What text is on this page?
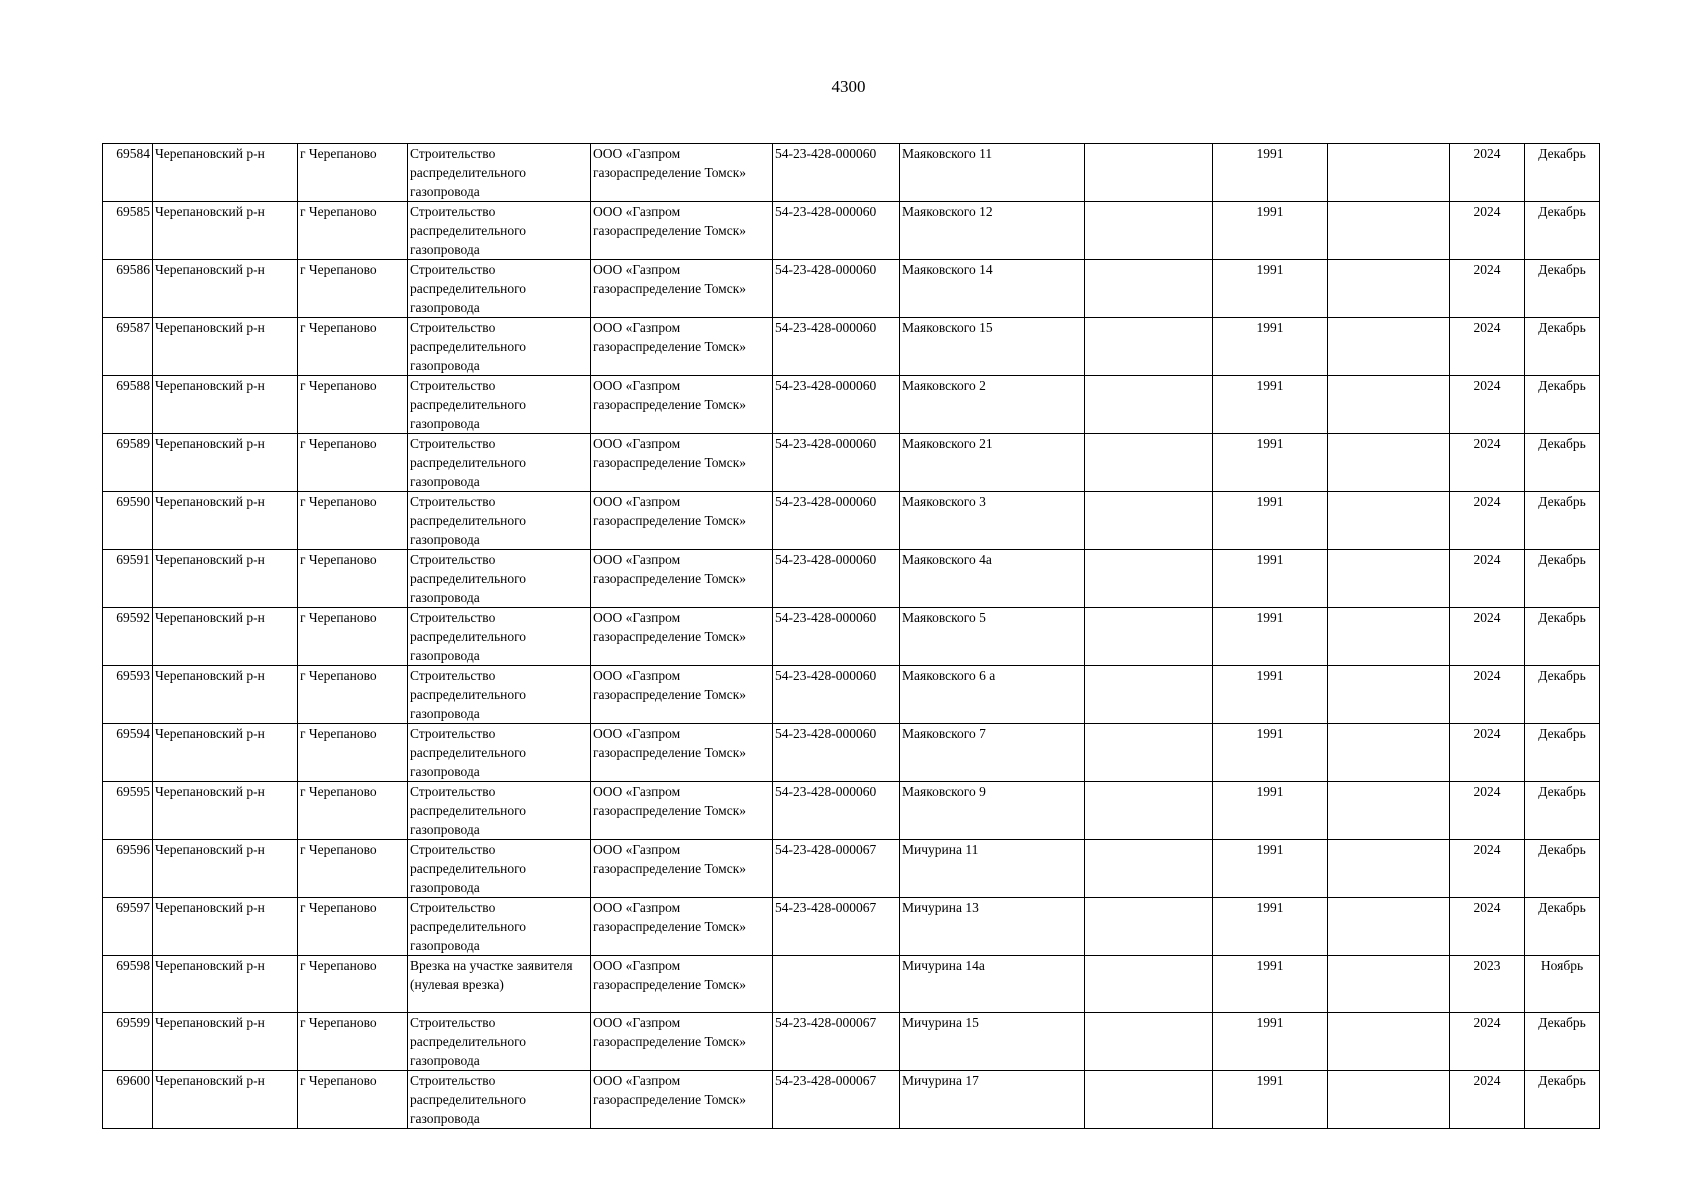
4300
69584	Черепановский р-н	г Черепаново	Строительство распределительного газопровода	ООО «Газпром газораспределение Томск»	54-23-428-000060	Маяковского 11		1991		2024	Декабрь
69585	Черепановский р-н	г Черепаново	Строительство распределительного газопровода	ООО «Газпром газораспределение Томск»	54-23-428-000060	Маяковского 12		1991		2024	Декабрь
69586	Черепановский р-н	г Черепаново	Строительство распределительного газопровода	ООО «Газпром газораспределение Томск»	54-23-428-000060	Маяковского 14		1991		2024	Декабрь
69587	Черепановский р-н	г Черепаново	Строительство распределительного газопровода	ООО «Газпром газораспределение Томск»	54-23-428-000060	Маяковского 15		1991		2024	Декабрь
69588	Черепановский р-н	г Черепаново	Строительство распределительного газопровода	ООО «Газпром газораспределение Томск»	54-23-428-000060	Маяковского 2		1991		2024	Декабрь
69589	Черепановский р-н	г Черепаново	Строительство распределительного газопровода	ООО «Газпром газораспределение Томск»	54-23-428-000060	Маяковского 21		1991		2024	Декабрь
69590	Черепановский р-н	г Черепаново	Строительство распределительного газопровода	ООО «Газпром газораспределение Томск»	54-23-428-000060	Маяковского 3		1991		2024	Декабрь
69591	Черепановский р-н	г Черепаново	Строительство распределительного газопровода	ООО «Газпром газораспределение Томск»	54-23-428-000060	Маяковского 4а		1991		2024	Декабрь
69592	Черепановский р-н	г Черепаново	Строительство распределительного газопровода	ООО «Газпром газораспределение Томск»	54-23-428-000060	Маяковского 5		1991		2024	Декабрь
69593	Черепановский р-н	г Черепаново	Строительство распределительного газопровода	ООО «Газпром газораспределение Томск»	54-23-428-000060	Маяковского 6 а		1991		2024	Декабрь
69594	Черепановский р-н	г Черепаново	Строительство распределительного газопровода	ООО «Газпром газораспределение Томск»	54-23-428-000060	Маяковского 7		1991		2024	Декабрь
69595	Черепановский р-н	г Черепаново	Строительство распределительного газопровода	ООО «Газпром газораспределение Томск»	54-23-428-000060	Маяковского 9		1991		2024	Декабрь
69596	Черепановский р-н	г Черепаново	Строительство распределительного газопровода	ООО «Газпром газораспределение Томск»	54-23-428-000067	Мичурина 11		1991		2024	Декабрь
69597	Черепановский р-н	г Черепаново	Строительство распределительного газопровода	ООО «Газпром газораспределение Томск»	54-23-428-000067	Мичурина 13		1991		2024	Декабрь
69598	Черепановский р-н	г Черепаново	Врезка на участке заявителя (нулевая врезка)	ООО «Газпром газораспределение Томск»		Мичурина 14а		1991		2023	Ноябрь
69599	Черепановский р-н	г Черепаново	Строительство распределительного газопровода	ООО «Газпром газораспределение Томск»	54-23-428-000067	Мичурина 15		1991		2024	Декабрь
69600	Черепановский р-н	г Черепаново	Строительство распределительного газопровода	ООО «Газпром газораспределение Томск»	54-23-428-000067	Мичурина 17		1991		2024	Декабрь
